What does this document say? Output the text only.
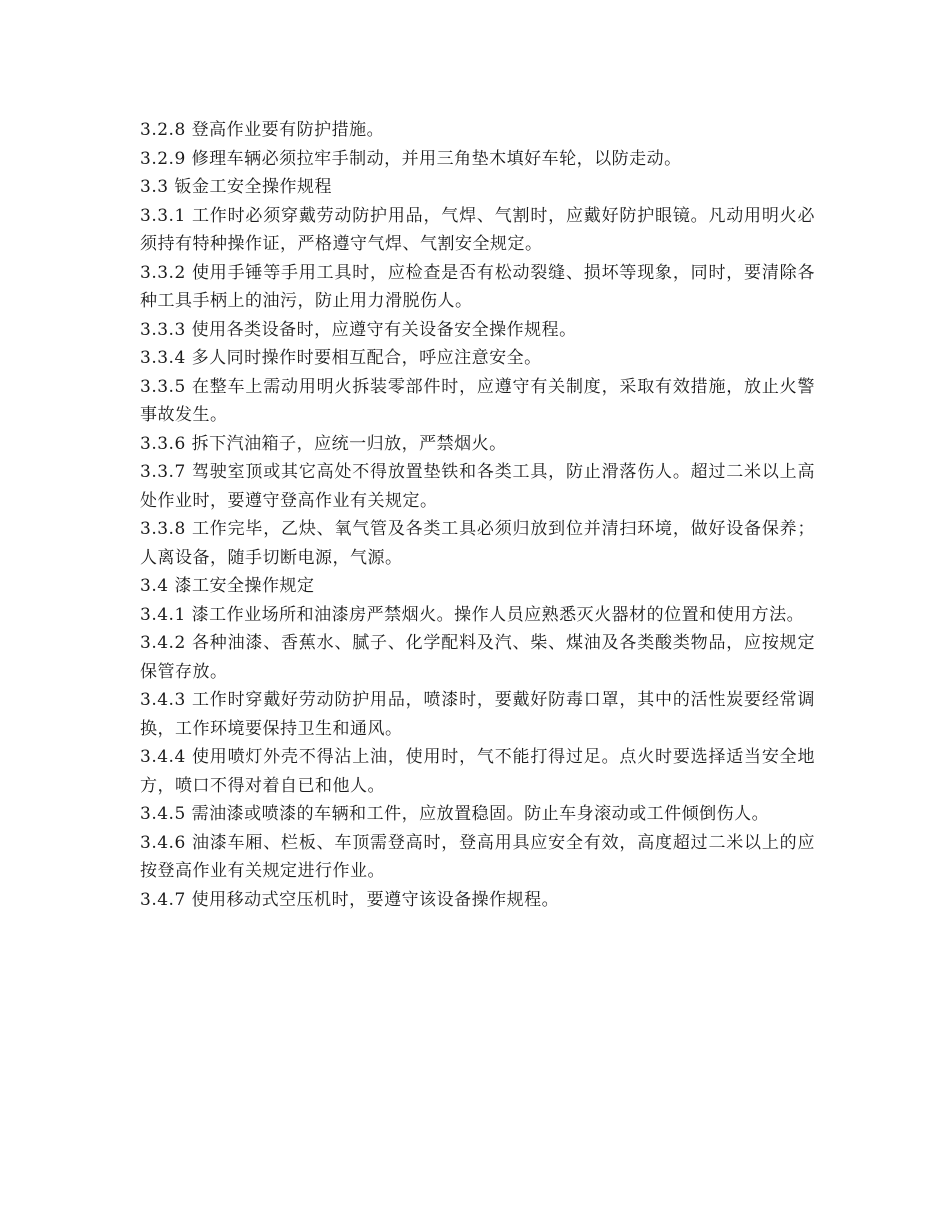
3.2.8 登高作业要有防护措施。

3.2.9 修理车辆必须拉牢手制动，并用三角垫木填好车轮，以防走动。

3.3 钣金工安全操作规程

3.3.1 工作时必须穿戴劳动防护用品，气焊、气割时，应戴好防护眼镜。凡动用明火必须持有特种操作证，严格遵守气焊、气割安全规定。

3.3.2 使用手锤等手用工具时，应检查是否有松动裂缝、损坏等现象，同时，要清除各种工具手柄上的油污，防止用力滑脱伤人。

3.3.3 使用各类设备时，应遵守有关设备安全操作规程。

3.3.4 多人同时操作时要相互配合，呼应注意安全。

3.3.5 在整车上需动用明火拆装零部件时，应遵守有关制度，采取有效措施，放止火警事故发生。

3.3.6 拆下汽油箱子，应统一归放，严禁烟火。

3.3.7 驾驶室顶或其它高处不得放置垫铁和各类工具，防止滑落伤人。超过二米以上高处作业时，要遵守登高作业有关规定。

3.3.8 工作完毕，乙炔、氧气管及各类工具必须归放到位并清扫环境，做好设备保养；人离设备，随手切断电源，气源。

3.4 漆工安全操作规定

3.4.1 漆工作业场所和油漆房严禁烟火。操作人员应熟悉灭火器材的位置和使用方法。

3.4.2 各种油漆、香蕉水、腻子、化学配料及汽、柴、煤油及各类酸类物品，应按规定保管存放。

3.4.3 工作时穿戴好劳动防护用品，喷漆时，要戴好防毒口罩，其中的活性炭要经常调换，工作环境要保持卫生和通风。

3.4.4 使用喷灯外壳不得沾上油，使用时，气不能打得过足。点火时要选择适当安全地方，喷口不得对着自已和他人。

3.4.5 需油漆或喷漆的车辆和工件，应放置稳固。防止车身滚动或工件倾倒伤人。

3.4.6 油漆车厢、栏板、车顶需登高时，登高用具应安全有效，高度超过二米以上的应按登高作业有关规定进行作业。

3.4.7 使用移动式空压机时，要遵守该设备操作规程。
